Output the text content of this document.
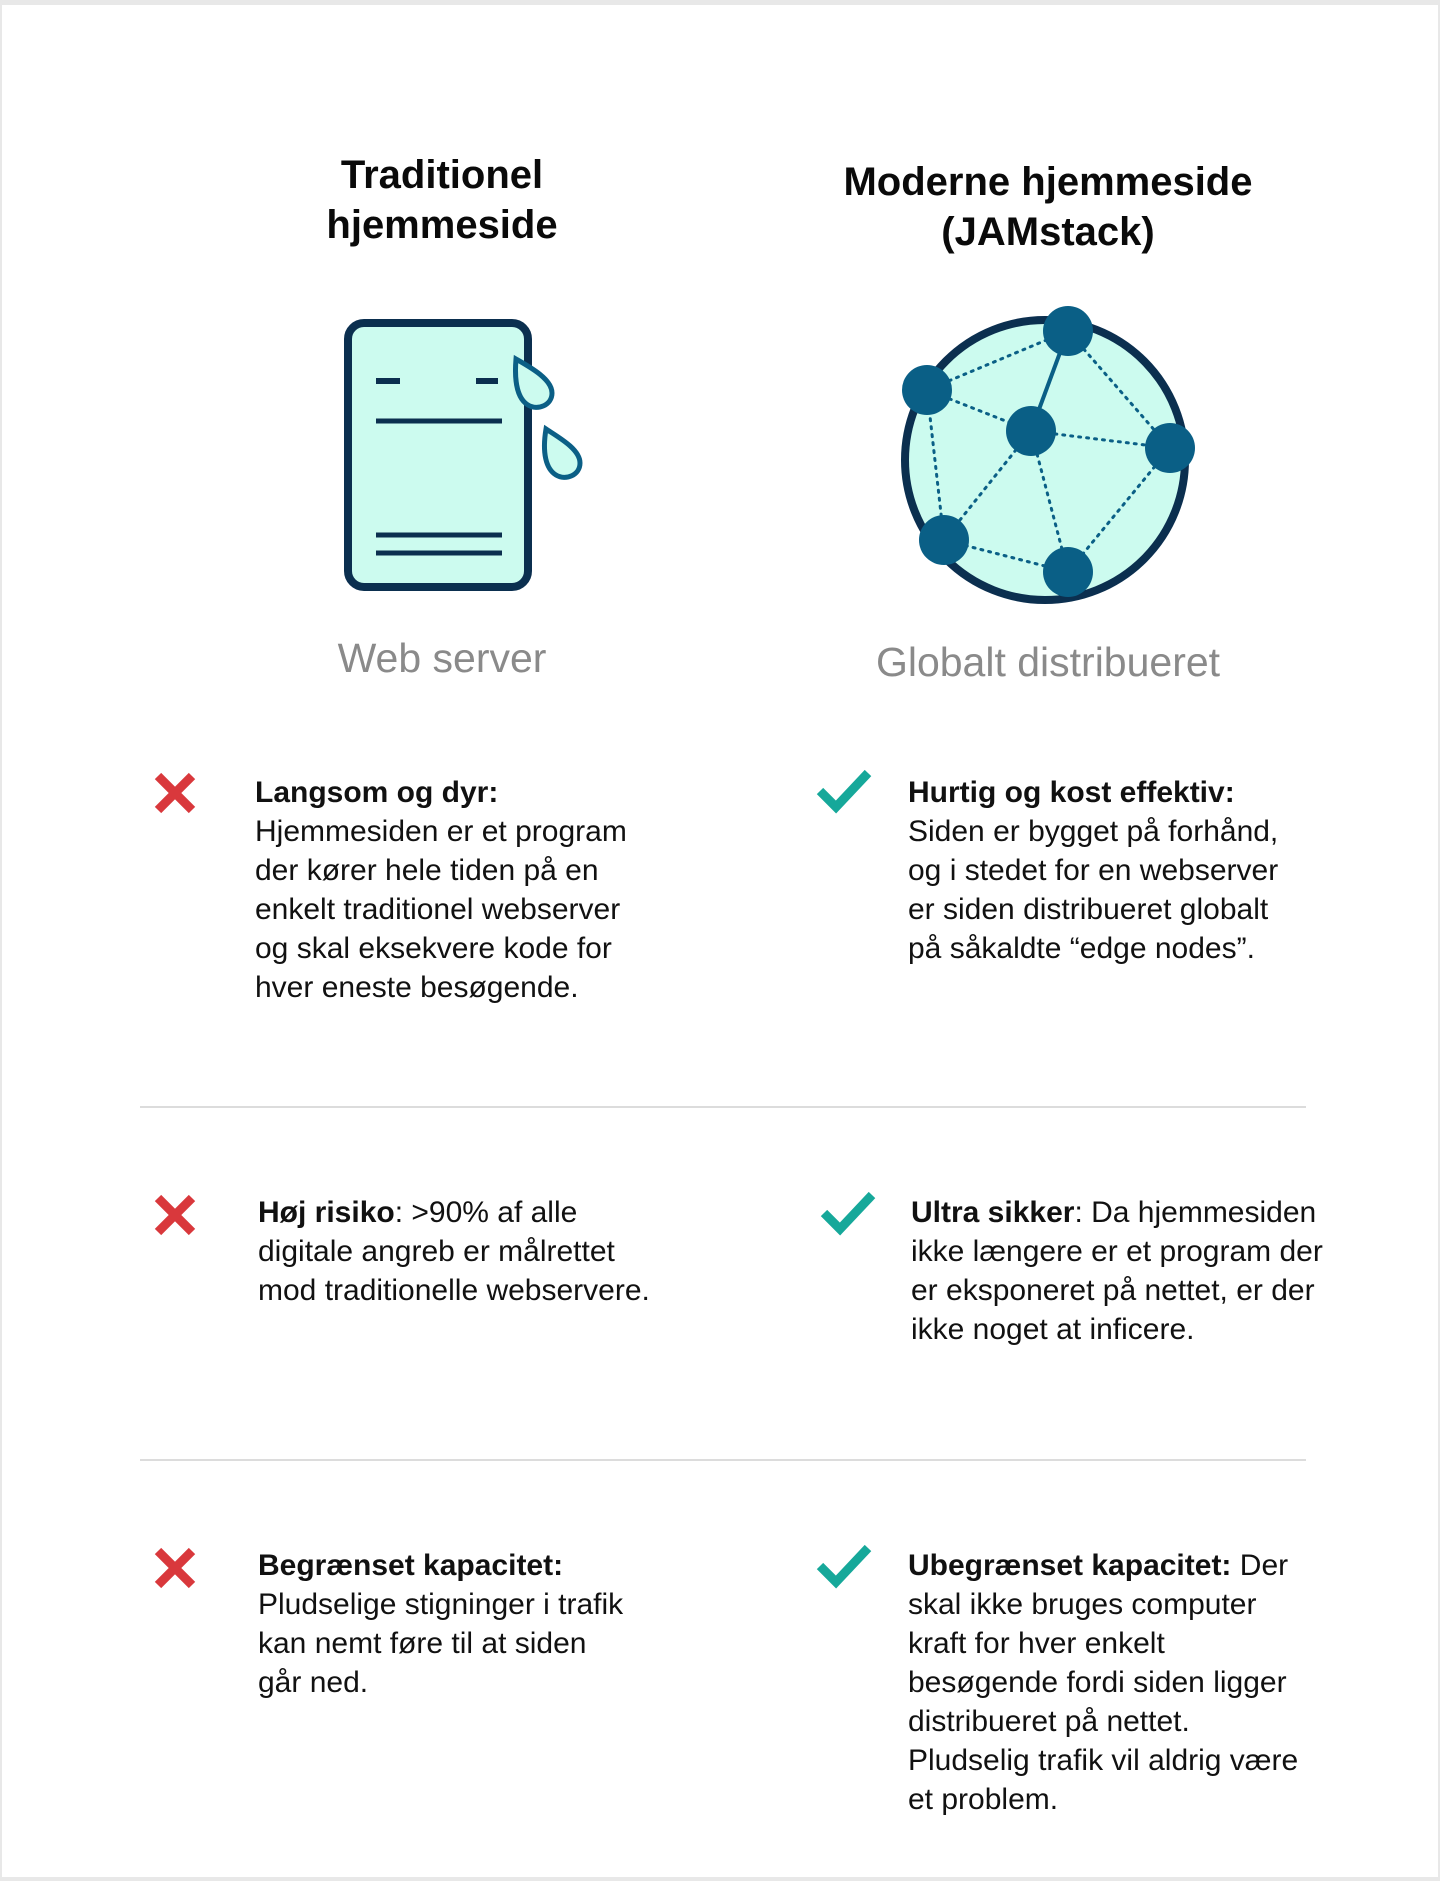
Traditionel
hjemmeside
Moderne hjemmeside
(JAMstack)
Web server	Globalt distribueret
Langsom og dyr:
Hjemmesiden er et program der kører hele tiden på en enkelt traditionel webserver og skal eksekvere kode for hver eneste besøgende.
Hurtig og kost effektiv:
Siden er bygget på forhånd, og i stedet for en webserver er siden distribueret globalt på såkaldte “edge nodes”.
Høj risiko: >90% af alle digitale angreb er målrettet mod traditionelle webservere.
Ultra sikker: Da hjemmesiden ikke længere er et program der er eksponeret på nettet, er der ikke noget at inficere.
Begrænset kapacitet:
Pludselige stigninger i trafik kan nemt føre til at siden går ned.
Ubegrænset kapacitet: Der skal ikke bruges computer kraft for hver enkelt besøgende fordi siden ligger distribueret på nettet. Pludselig trafik vil aldrig være et problem.
